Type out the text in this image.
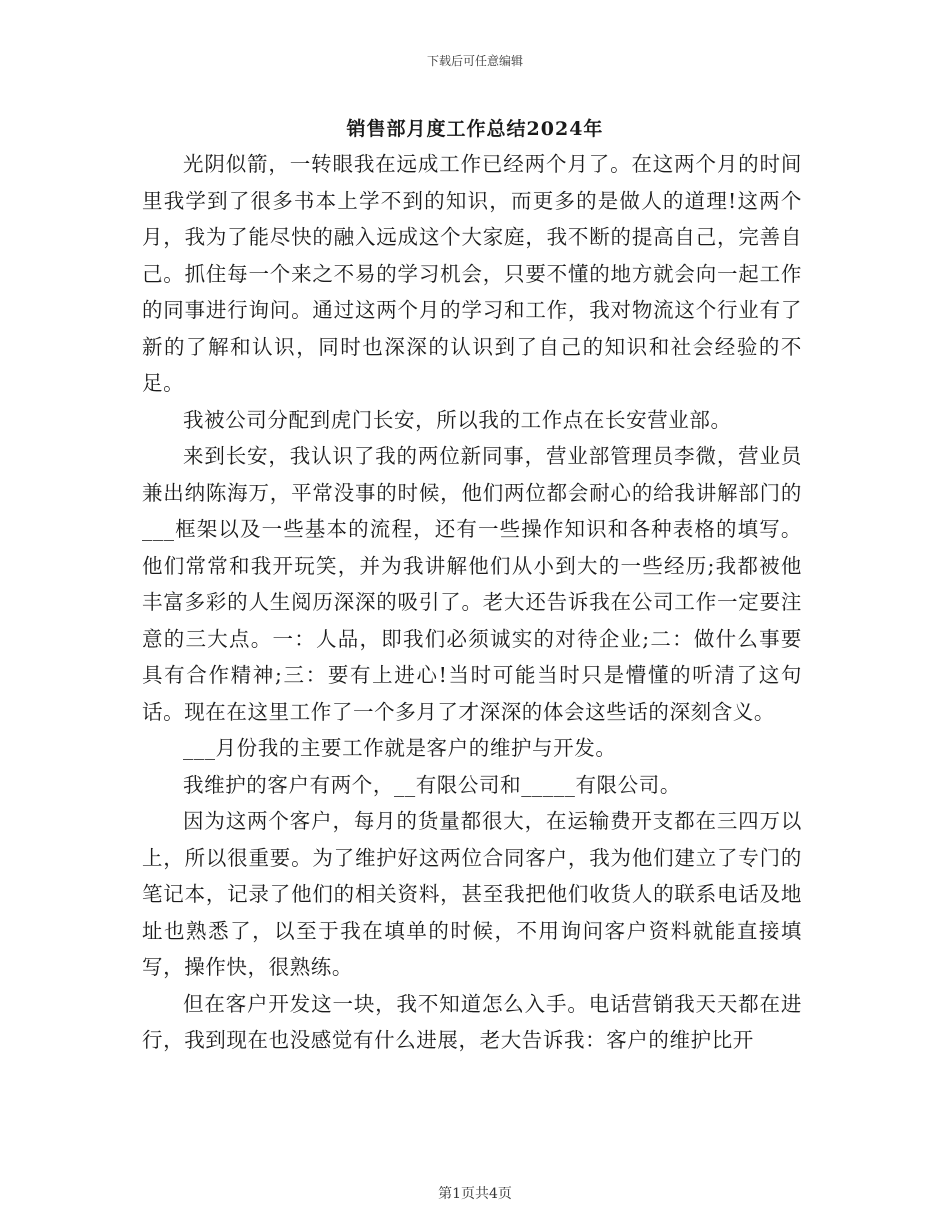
下载后可任意编辑
销售部月度工作总结2024年

光阴似箭，一转眼我在远成工作已经两个月了。在这两个月的时间里我学到了很多书本上学不到的知识，而更多的是做人的道理!这两个月，我为了能尽快的融入远成这个大家庭，我不断的提高自己，完善自己。抓住每一个来之不易的学习机会，只要不懂的地方就会向一起工作的同事进行询问。通过这两个月的学习和工作，我对物流这个行业有了新的了解和认识，同时也深深的认识到了自己的知识和社会经验的不足。

我被公司分配到虎门长安，所以我的工作点在长安营业部。

来到长安，我认识了我的两位新同事，营业部管理员李微，营业员兼出纳陈海万，平常没事的时候，他们两位都会耐心的给我讲解部门的___框架以及一些基本的流程，还有一些操作知识和各种表格的填写。他们常常和我开玩笑，并为我讲解他们从小到大的一些经历;我都被他丰富多彩的人生阅历深深的吸引了。老大还告诉我在公司工作一定要注意的三大点。一：人品，即我们必须诚实的对待企业;二：做什么事要具有合作精神;三：要有上进心!当时可能当时只是懵懂的听清了这句话。现在在这里工作了一个多月了才深深的体会这些话的深刻含义。

___月份我的主要工作就是客户的维护与开发。

我维护的客户有两个，__有限公司和_____有限公司。

因为这两个客户，每月的货量都很大，在运输费开支都在三四万以上，所以很重要。为了维护好这两位合同客户，我为他们建立了专门的笔记本，记录了他们的相关资料，甚至我把他们收货人的联系电话及地址也熟悉了，以至于我在填单的时候，不用询问客户资料就能直接填写，操作快，很熟练。

但在客户开发这一块，我不知道怎么入手。电话营销我天天都在进行，我到现在也没感觉有什么进展，老大告诉我：客户的维护比开

第1页共4页
